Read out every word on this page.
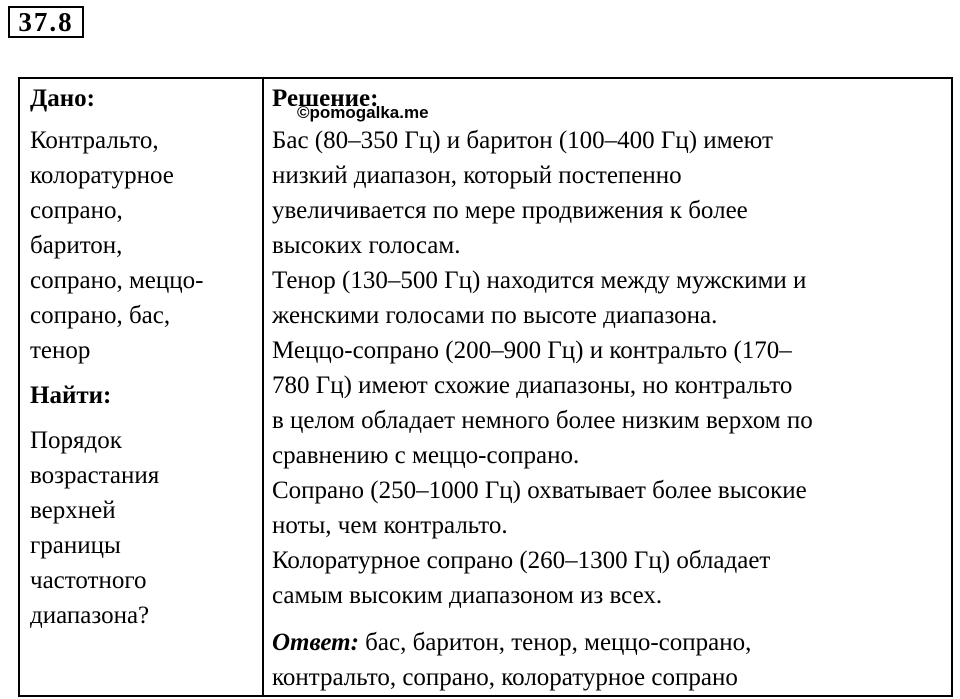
37.8

Дано:

Контральто,

колоратурное

сопрано,

баритон,

сопрано, меццо-

сопрано, бас,

тенор

Найти:

Порядок

возрастания

верхней

границы

частотного

диапазона?

Решение:

©pomogalka.me

Бас (80–350 Гц) и баритон (100–400 Гц) имеют

низкий диапазон, который постепенно

увеличивается по мере продвижения к более

высоких голосам.

Тенор (130–500 Гц) находится между мужскими и

женскими голосами по высоте диапазона.

Меццо-сопрано (200–900 Гц) и контральто (170–

780 Гц) имеют схожие диапазоны, но контральто

в целом обладает немного более низким верхом по

сравнению с меццо-сопрано.

Сопрано (250–1000 Гц) охватывает более высокие

ноты, чем контральто.

Колоратурное сопрано (260–1300 Гц) обладает

самым высоким диапазоном из всех.

Ответ: бас, баритон, тенор, меццо-сопрано,

контральто, сопрано, колоратурное сопрано
